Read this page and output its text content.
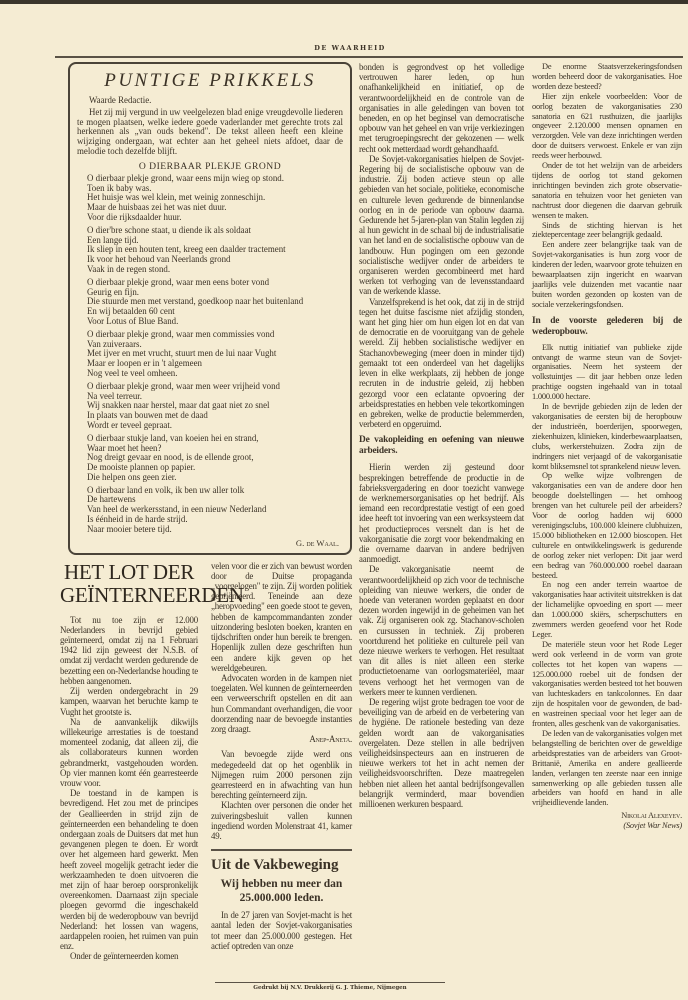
DE WAARHEID
PUNTIGE PRIKKELS
Waarde Redactie.

Het zij mij vergund in uw veelgelezen blad enige vreugdevolle liederen te mogen plaatsen, welke iedere goede vaderlander met gerechte trots zal herkennen als „van ouds bekend". De tekst alleen heeft een kleine wijziging ondergaan, wat echter aan het geheel niets afdoet, daar de melodie toch dezelfde blijft.

O DIERBAAR PLEKJE GROND
O dierbaar plekje grond, waar eens mijn wieg op stond.
Toen ik baby was.
Het huisje was wel klein, met weinig zonneschijn.
Maar de huisbaas zei het was niet duur.
Voor die rijksdaalder huur.
O dier'bre schone staat, u diende ik als soldaat
Een lange tijd.
Ik sliep in een houten tent, kreeg een daalder tractement
Ik voor het behoud van Neerlands grond
Vaak in de regen stond.
O dierbaar plekje grond, waar men eens boter vond
Geurig en fijn.
Die stuurde men met verstand, goedkoop naar het buitenland
En wij betaalden 60 cent
Voor Lotus of Blue Band.
O dierbaar plekje grond, waar men commissies vond
Van zuiveraars.
Met ijver en met vrucht, stuurt men de lui naar Vught
Maar er loopen er in 't algemeen
Nog veel te veel omheen.
O dierbaar plekje grond, waar men weer vrijheid vond
Na veel terreur.
Wij snakken naar herstel, maar dat gaat niet zo snel
In plaats van bouwen met de daad
Wordt er teveel gepraat.
O dierbaar stukje land, van koeien hei en strand,
Waar moet het heen?
Nog dreigt gevaar en nood, is de ellende groot,
De mooiste plannen op papier.
Die helpen ons geen zier.
O dierbaar land en volk, ik ben uw aller tolk
De hartewens
Van heel de werkersstand, in een nieuw Nederland
Is éénheid in de harde strijd.
Naar mooier betere tijd.
G. de Waal.
HET LOT DER GEÏNTERNEERDEN

Tot nu toe zijn er 12.000 Nederlanders in bevrijd gebied geïnterneerd, omdat zij na 1 Februari 1942 lid zijn geweest der N.S.B. of omdat zij verdacht werden gedurende de bezetting een on-Nederlandse houding te hebben aangenomen.

Zij werden ondergebracht in 29 kampen, waarvan het beruchte kamp te Vught het grootste is.

Na de aanvankelijk dikwijls willekeurige arrestaties is de toestand momenteel zodanig, dat alleen zij, die als collaborateurs kunnen worden gebrandmerkt, vastgehouden worden. Op vier mannen komt één gearresteerde vrouw voor.

De toestand in de kampen is bevredigend. Het zou met de principes der Geallieerden in strijd zijn de geïnterneerden een behandeling te doen ondergaan zoals de Duitsers dat met hun gevangenen plegen te doen. Er wordt over het algemeen hard gewerkt. Men heeft zoveel mogelijk getracht ieder die werkzaamheden te doen uitvoeren die met zijn of haar beroep oorspronkelijk overeenkomen. Daarnaast zijn speciale ploegen gevormd die ingeschakeld werden bij de wederopbouw van bevrijd Nederland: het lossen van wagens, aardappelen rooien, het ruimen van puin enz.

Onder de geïnterneerden komen

velen voor die er zich van bewust worden door de Duitse propaganda „voorgelogen" te zijn. Zij worden politiek georiënteerd. Teneinde aan deze „heropvoeding" een goede stoot te geven, hebben de kampcommandanten zonder uitzondering besloten boeken, kranten en tijdschriften onder hun bereik te brengen. Hopenlijk zullen deze geschriften hun een andere kijk geven op het wereldgebeuren.

Advocaten worden in de kampen niet toegelaten. Wel kunnen de geïnterneerden een verweerschrift opstellen en dit aan hun Commandant overhandigen, die voor doorzending naar de bevoegde instanties zorg draagt.

Anep-Aneta.

Van bevoegde zijde werd ons medegedeeld dat op het ogenblik in Nijmegen ruim 2000 personen zijn gearresteerd en in afwachting van hun berechting geïnterneerd zijn.

Klachten over personen die onder het zuiveringsbesluit vallen kunnen ingediend worden Molenstraat 41, kamer 49.

Uit de Vakbeweging
Wij hebben nu meer dan 25.000.000 leden.

In de 27 jaren van Sovjet-macht is het aantal leden der Sovjet-vakorganisaties tot meer dan 25.000.000 gestegen. Het actief optreden van onze

bonden is gegrondvest op het volledige vertrouwen harer leden, op hun onafhankelijkheid en initiatief, op de verantwoordelijkheid en de controle van de organisaties in alle geledingen van boven tot beneden, en op het beginsel van democratische opbouw van het geheel en van vrije verkiezingen met terugroepingsrecht der gekozenen — welk recht ook metterdaad wordt gehandhaafd.

De Sovjet-vakorganisaties hielpen de Sovjet-Regering bij de socialistische opbouw van de industrie. Zij boden actieve steun op alle gebieden van het sociale, politieke, economische en culturele leven gedurende de binnenlandse oorlog en in de periode van opbouw daarna. Gedurende het 5-jaren-plan van Stalin legden zij al hun gewicht in de schaal bij de industrialisatie van het land en de socialistische opbouw van de landbouw. Hun pogingen om een gezonde socialistische wedijver onder de arbeiders te organiseren werden gecombineerd met hard werken tot verhoging van de levensstandaard van de werkende klasse.

Vanzelfsprekend is het ook, dat zij in de strijd tegen het duitse fascisme niet afzijdig stonden, want het ging hier om hun eigen lot en dat van de democratie en de vooruitgang van de gehele wereld. Zij hebben socialistische wedijver en Stachanovbeweging (meer doen in minder tijd) gemaakt tot een onderdeel van het dagelijks leven in elke werkplaats, zij hebben de jonge recruten in de industrie geleid, zij hebben gezorgd voor een eclatante opvoering der arbeidsprestaties en hebben vele tekortkomingen en gebreken, welke de productie belemmerden, verbeterd en opgeruimd.

De vakopleiding en oefening van nieuwe arbeiders.

Hierin werden zij gesteund door besprekingen betreffende de productie in de fabrieksvergadering en door toezicht vanwege de werknemersorganisaties op het bedrijf. Als iemand een recordprestatie vestigt of een goed idee heeft tot invoering van een werksysteem dat het productieproces versnelt dan is het de vakorganisatie die zorgt voor bekendmaking en die overname daarvan in andere bedrijven aanmoedigt.

De vakorganisatie neemt de verantwoordelijkheid op zich voor de technische opleiding van nieuwe werkers, die onder de hoede van veteranen worden geplaatst en door dezen worden ingewijd in de geheimen van het vak. Zij organiseren ook zg. Stachanov-scholen en cursussen in techniek. Zij proberen voortdurend het politieke en culturele peil van deze nieuwe werkers te verhogen. Het resultaat van dit alles is niet alleen een sterke productietoename van oorlogsmateriëel, maar tevens verhoogt het het vermogen van de werkers meer te kunnen verdienen.

De regering wijst grote bedragen toe voor de beveiliging van de arbeid en de verbetering van de hygiëne. De rationele besteding van deze gelden wordt aan de vakorganisaties overgelaten. Deze stellen in alle bedrijven veiligheidsinspecteurs aan en instrueren de nieuwe werkers tot het in acht nemen der veiligheidsvoorschriften. Deze maatregelen hebben niet alleen het aantal bedrijfsongevallen belangrijk verminderd, maar bovendien millioenen werkuren bespaard.

De enorme Staatsverzekeringsfondsen worden beheerd door de vakorganisaties. Hoe worden deze besteed?

Hier zijn enkele voorbeelden: Voor de oorlog bezaten de vakorganisaties 230 sanatoria en 621 rusthuizen, die jaarlijks ongeveer 2.120.000 mensen opnamen en verzorgden. Vele van deze inrichtingen werden door de duitsers verwoest. Enkele er van zijn reeds weer herbouwd.

Onder de tot het welzijn van de arbeiders tijdens de oorlog tot stand gekomen inrichtingen bevinden zich grote observatie-sanatoria en tehuizen voor het genieten van nachtrust door diegenen die daarvan gebruik wensen te maken.

Sinds de stichting hiervan is het ziektepercentage zeer belangrijk gedaald.

Een andere zeer belangrijke taak van de Sovjet-vakorganisaties is hun zorg voor de kinderen der leden, waarvoor grote tehuizen en bewaarplaatsen zijn ingericht en waarvan jaarlijks vele duizenden met vacantie naar buiten worden gezonden op kosten van de sociale verzekeringsfondsen.

In de voorste gelederen bij de wederopbouw.

Elk nuttig initiatief van publieke zijde ontvangt de warme steun van de Sovjet-organisaties. Neem het systeem der volkstuintjes — dit jaar hebben onze leden prachtige oogsten ingehaald van in totaal 1.000.000 hectare.

In de bevrijde gebieden zijn de leden der vakorganisaties de eersten bij de heropbouw der industrieën, boerderijen, spoorwegen, ziekenhuizen, klinieken, kinderbewaarplaatsen, clubs, werkerstehuizen. Zodra zijn de indringers niet verjaagd of de vakorganisatie komt bliksemsnel tot sprankelend nieuw leven.

Op welke wijze volbrengen de vakorganisaties een van de andere door hen beoogde doelstellingen — het omhoog brengen van het culturele peil der arbeiders? Voor de oorlog hadden wij 6000 verenigingsclubs, 100.000 kleinere clubhuizen, 15.000 bibliotheken en 12.000 bioscopen. Het culturele en ontwikkelingswerk is gedurende de oorlog zeker niet verlopen: Dit jaar werd een bedrag van 760.000.000 roebel daaraan besteed.

En nog een ander terrein waartoe de vakorganisaties haar activiteit uitstrekken is dat der lichamelijke opvoeding en sport — meer dan 1.000.000 skiërs, scherpschutters en zwemmers werden geoefend voor het Rode Leger.

De materiële steun voor het Rode Leger werd ook verleend in de vorm van grote collectes tot het kopen van wapens — 125.000.000 roebel uit de fondsen der vakorganisaties werden besteed tot het bouwen van luchteskaders en tankcolonnes. En daar zijn de hospitalen voor de gewonden, de bad- en wastreinen speciaal voor het leger aan de fronten, alles geschenk van de vakorganisaties.

De leden van de vakorganisaties volgen met belangstelling de berichten over de geweldige arbeidsprestaties van de arbeiders van Groot-Brittanië, Amerika en andere geallieerde landen, verlangen ten zeerste naar een innige samenwerking op alle gebieden tussen alle arbeiders van hoofd en hand in alle vrijheidlievende landen.

Nikolai Alexeyev.

(Sovjet War News)

Gedrukt bij N.V. Drukkerij G. J. Thieme, Nijmegen
